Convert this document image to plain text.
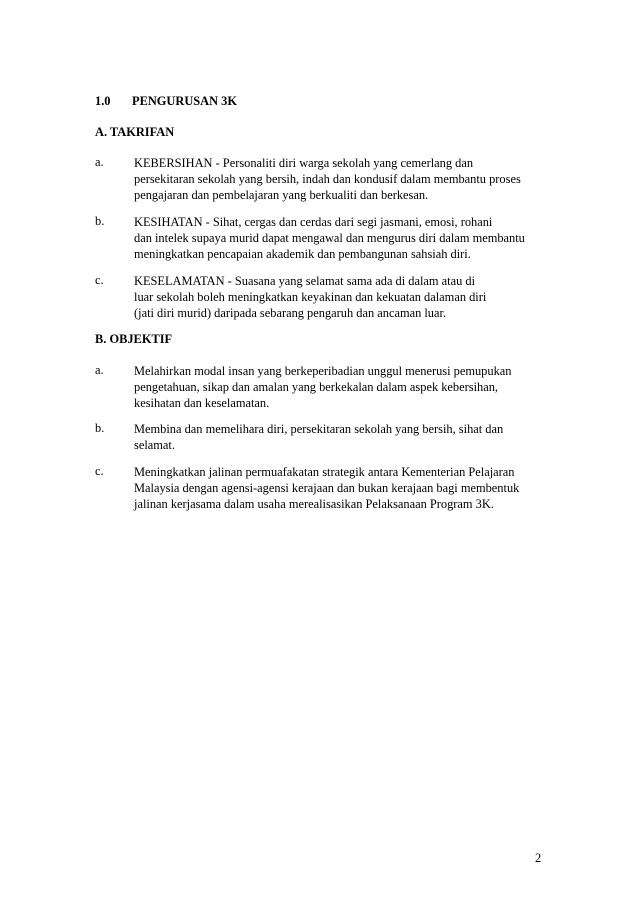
1.0 PENGURUSAN 3K
A. TAKRIFAN
a. KEBERSIHAN - Personaliti diri warga sekolah yang cemerlang dan
persekitaran sekolah yang bersih, indah dan kondusif dalam membantu proses
pengajaran dan pembelajaran yang berkualiti dan berkesan.
b. KESIHATAN - Sihat, cergas dan cerdas dari segi jasmani, emosi, rohani
dan intelek supaya murid dapat mengawal dan mengurus diri dalam membantu
meningkatkan pencapaian akademik dan pembangunan sahsiah diri.
c. KESELAMATAN - Suasana yang selamat sama ada di dalam atau di
luar sekolah boleh meningkatkan keyakinan dan kekuatan dalaman diri
(jati diri murid) daripada sebarang pengaruh dan ancaman luar.
B. OBJEKTIF
a. Melahirkan modal insan yang berkeperibadian unggul menerusi pemupukan
pengetahuan, sikap dan amalan yang berkekalan dalam aspek kebersihan,
kesihatan dan keselamatan.
b. Membina dan memelihara diri, persekitaran sekolah yang bersih, sihat dan
selamat.
c. Meningkatkan jalinan permuafakatan strategik antara Kementerian Pelajaran
Malaysia dengan agensi-agensi kerajaan dan bukan kerajaan bagi membentuk
jalinan kerjasama dalam usaha merealisasikan Pelaksanaan Program 3K.
2
